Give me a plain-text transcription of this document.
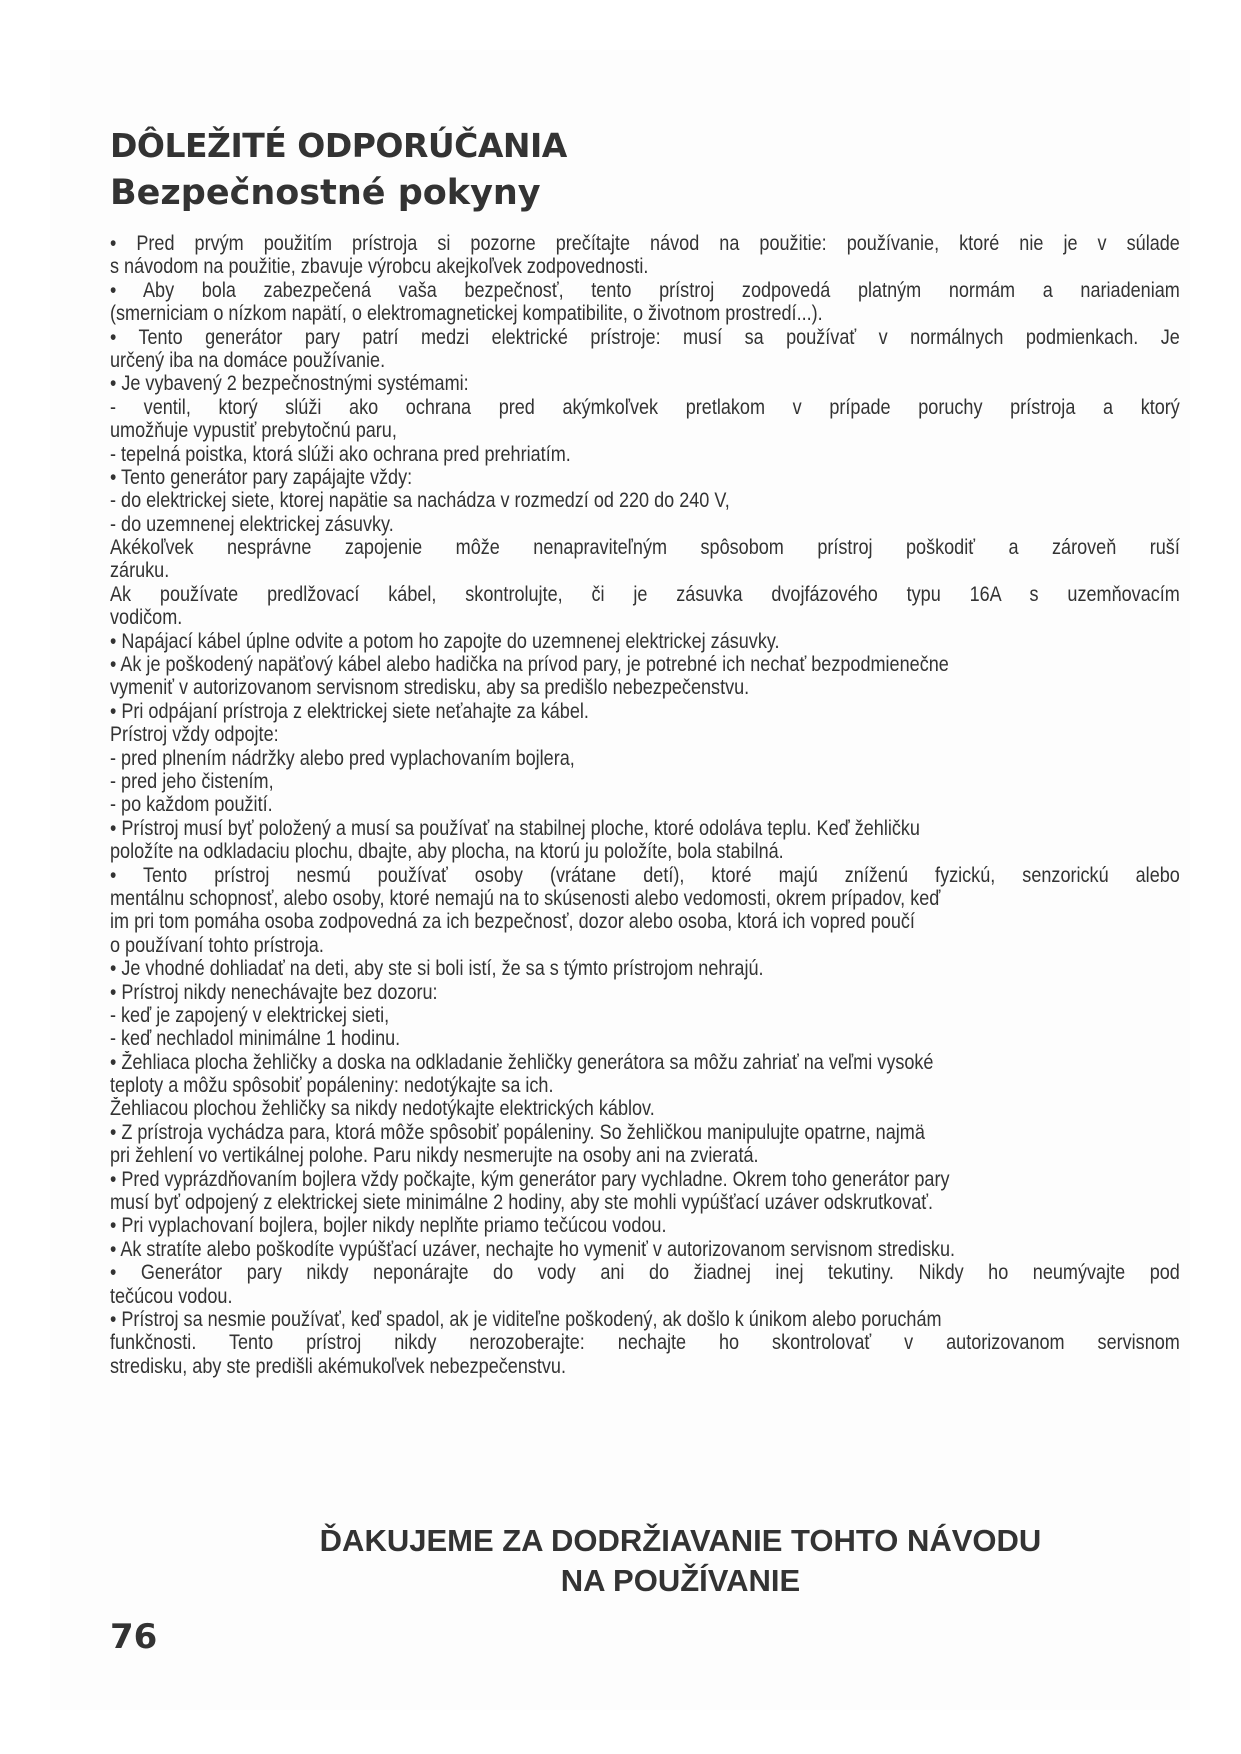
DÔLEŽITÉ ODPORÚČANIA
Bezpečnostné pokyny
• Pred prvým použitím prístroja si pozorne prečítajte návod na použitie: používanie, ktoré nie je v súlade
s návodom na použitie, zbavuje výrobcu akejkoľvek zodpovednosti.
• Aby bola zabezpečená vaša bezpečnosť, tento prístroj zodpovedá platným normám a nariadeniam
(smerniciam o nízkom napätí, o elektromagnetickej kompatibilite, o životnom prostredí...).
• Tento generátor pary patrí medzi elektrické prístroje: musí sa používať v normálnych podmienkach. Je
určený iba na domáce používanie.
• Je vybavený 2 bezpečnostnými systémami:
- ventil, ktorý slúži ako ochrana pred akýmkoľvek pretlakom v prípade poruchy prístroja a ktorý
umožňuje vypustiť prebytočnú paru,
- tepelná poistka, ktorá slúži ako ochrana pred prehriatím.
• Tento generátor pary zapájajte vždy:
- do elektrickej siete, ktorej napätie sa nachádza v rozmedzí od 220 do 240 V,
- do uzemnenej elektrickej zásuvky.
Akékoľvek nesprávne zapojenie môže nenapraviteľným spôsobom prístroj poškodiť a zároveň ruší
záruku.
Ak používate predlžovací kábel, skontrolujte, či je zásuvka dvojfázového typu 16A s uzemňovacím
vodičom.
• Napájací kábel úplne odvite a potom ho zapojte do uzemnenej elektrickej zásuvky.
• Ak je poškodený napäťový kábel alebo hadička na prívod pary, je potrebné ich nechať bezpodmienečne
vymeniť v autorizovanom servisnom stredisku, aby sa predišlo nebezpečenstvu.
• Pri odpájaní prístroja z elektrickej siete neťahajte za kábel.
Prístroj vždy odpojte:
- pred plnením nádržky alebo pred vyplachovaním bojlera,
- pred jeho čistením,
- po každom použití.
• Prístroj musí byť položený a musí sa používať na stabilnej ploche, ktoré odoláva teplu. Keď žehličku
položíte na odkladaciu plochu, dbajte, aby plocha, na ktorú ju položíte, bola stabilná.
• Tento prístroj nesmú používať osoby (vrátane detí), ktoré majú zníženú fyzickú, senzorickú alebo
mentálnu schopnosť, alebo osoby, ktoré nemajú na to skúsenosti alebo vedomosti, okrem prípadov, keď
im pri tom pomáha osoba zodpovedná za ich bezpečnosť, dozor alebo osoba, ktorá ich vopred poučí
o používaní tohto prístroja.
• Je vhodné dohliadať na deti, aby ste si boli istí, že sa s týmto prístrojom nehrajú.
• Prístroj nikdy nenechávajte bez dozoru:
- keď je zapojený v elektrickej sieti,
- keď nechladol minimálne 1 hodinu.
• Žehliaca plocha žehličky a doska na odkladanie žehličky generátora sa môžu zahriať na veľmi vysoké
teploty a môžu spôsobiť popáleniny: nedotýkajte sa ich.
Žehliacou plochou žehličky sa nikdy nedotýkajte elektrických káblov.
• Z prístroja vychádza para, ktorá môže spôsobiť popáleniny. So žehličkou manipulujte opatrne, najmä
pri žehlení vo vertikálnej polohe. Paru nikdy nesmerujte na osoby ani na zvieratá.
• Pred vyprázdňovaním bojlera vždy počkajte, kým generátor pary vychladne. Okrem toho generátor pary
musí byť odpojený z elektrickej siete minimálne 2 hodiny, aby ste mohli vypúšťací uzáver odskrutkovať.
• Pri vyplachovaní bojlera, bojler nikdy neplňte priamo tečúcou vodou.
• Ak stratíte alebo poškodíte vypúšťací uzáver, nechajte ho vymeniť v autorizovanom servisnom stredisku.
• Generátor pary nikdy neponárajte do vody ani do žiadnej inej tekutiny. Nikdy ho neumývajte pod
tečúcou vodou.
• Prístroj sa nesmie používať, keď spadol, ak je viditeľne poškodený, ak došlo k únikom alebo poruchám
funkčnosti. Tento prístroj nikdy nerozoberajte: nechajte ho skontrolovať v autorizovanom servisnom
stredisku, aby ste predišli akémukoľvek nebezpečenstvu.
ĎAKUJEME ZA DODRŽIAVANIE TOHTO NÁVODU
NA POUŽÍVANIE
76
